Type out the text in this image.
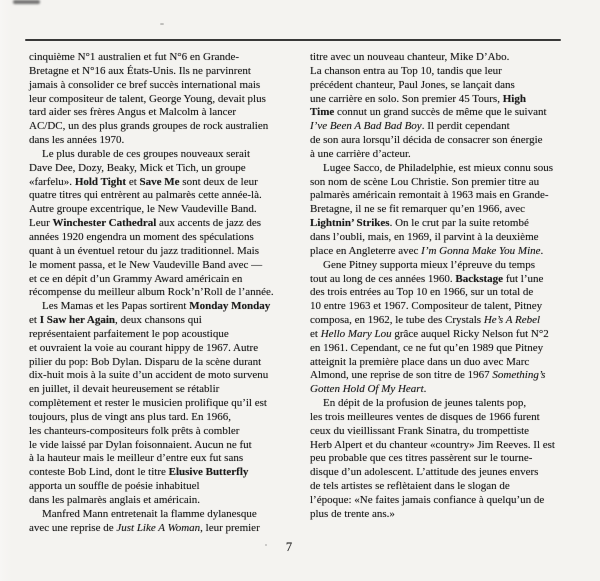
cinquième N°1 australien et fut N°6 en Grande-
Bretagne et N°16 aux États-Unis. Ils ne parvinrent
jamais à consolider ce bref succès international mais
leur compositeur de talent, George Young, devait plus
tard aider ses frères Angus et Malcolm à lancer
AC/DC, un des plus grands groupes de rock australien
dans les années 1970.
Le plus durable de ces groupes nouveaux serait
Dave Dee, Dozy, Beaky, Mick et Tich, un groupe
«farfelu». Hold Tight et Save Me sont deux de leur
quatre titres qui entrèrent au palmarès cette année-là.
Autre groupe excentrique, le New Vaudeville Band.
Leur Winchester Cathedral aux accents de jazz des
années 1920 engendra un moment des spéculations
quant à un éventuel retour du jazz traditionnel. Mais
le moment passa, et le New Vaudeville Band avec —
et ce en dépit d’un Grammy Award américain en
récompense du meilleur album Rock’n’Roll de l’année.
Les Mamas et les Papas sortirent Monday Monday
et I Saw her Again, deux chansons qui
représentaient parfaitement le pop acoustique
et ouvraient la voie au courant hippy de 1967. Autre
pilier du pop: Bob Dylan. Disparu de la scène durant
dix-huit mois à la suite d’un accident de moto survenu
en juillet, il devait heureusement se rétablir
complètement et rester le musicien prolifique qu’il est
toujours, plus de vingt ans plus tard. En 1966,
les chanteurs-compositeurs folk prêts à combler
le vide laissé par Dylan foisonnaient. Aucun ne fut
à la hauteur mais le meilleur d’entre eux fut sans
conteste Bob Lind, dont le titre Elusive Butterfly
apporta un souffle de poésie inhabituel
dans les palmarès anglais et américain.
Manfred Mann entretenait la flamme dylanesque
avec une reprise de Just Like A Woman, leur premier
titre avec un nouveau chanteur, Mike D’Abo.
La chanson entra au Top 10, tandis que leur
précédent chanteur, Paul Jones, se lançait dans
une carrière en solo. Son premier 45 Tours, High
Time connut un grand succès de même que le suivant
I’ve Been A Bad Bad Boy. Il perdit cependant
de son aura lorsqu’il décida de consacrer son énergie
à une carrière d’acteur.
Lugee Sacco, de Philadelphie, est mieux connu sous
son nom de scène Lou Christie. Son premier titre au
palmarès américain remontait à 1963 mais en Grande-
Bretagne, il ne se fit remarquer qu’en 1966, avec
Lightnin’ Strikes. On le crut par la suite retombé
dans l’oubli, mais, en 1969, il parvint à la deuxième
place en Angleterre avec I’m Gonna Make You Mine.
Gene Pitney supporta mieux l’épreuve du temps
tout au long de ces années 1960. Backstage fut l’une
des trois entrées au Top 10 en 1966, sur un total de
10 entre 1963 et 1967. Compositeur de talent, Pitney
composa, en 1962, le tube des Crystals He’s A Rebel
et Hello Mary Lou grâce auquel Ricky Nelson fut N°2
en 1961. Cependant, ce ne fut qu’en 1989 que Pitney
atteignit la première place dans un duo avec Marc
Almond, une reprise de son titre de 1967 Something’s
Gotten Hold Of My Heart.
En dépit de la profusion de jeunes talents pop,
les trois meilleures ventes de disques de 1966 furent
ceux du vieillissant Frank Sinatra, du trompettiste
Herb Alpert et du chanteur «country» Jim Reeves. Il est
peu probable que ces titres passèrent sur le tourne-
disque d’un adolescent. L’attitude des jeunes envers
de tels artistes se reflètaient dans le slogan de
l’époque: «Ne faites jamais confiance à quelqu’un de
plus de trente ans.»
7
